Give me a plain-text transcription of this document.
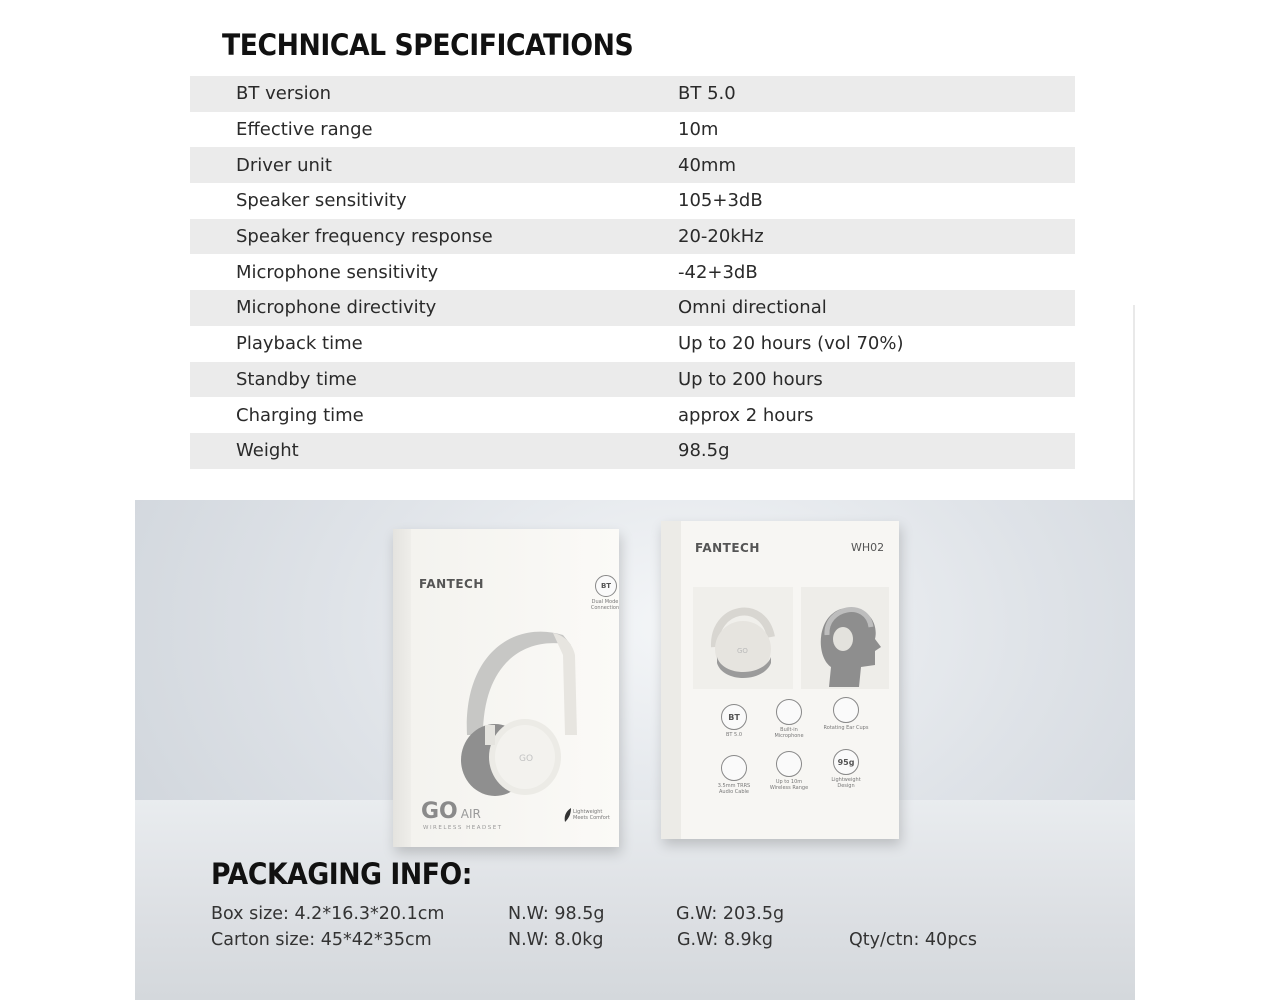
TECHNICAL SPECIFICATIONS
BT version	BT 5.0
Effective range	10m
Driver unit	40mm
Speaker sensitivity	105+3dB
Speaker frequency response	20-20kHz
Microphone sensitivity	-42+3dB
Microphone directivity	Omni directional
Playback time	Up to 20 hours (vol 70%)
Standby time	Up to 200 hours
Charging time	approx 2 hours
Weight	98.5g
FANTECH	BT
Dual Mode Connection
GO
GO AIR
WIRELESS HEADSET
Lightweight Meets Comfort
FANTECH	WH02
GO
BT
BT 5.0
Built-in Microphone
Rotating Ear Cups
3.5mm TRRS Audio Cable
Up to 10m Wireless Range
95g
Lightweight Design
PACKAGING INFO:
Box size: 4.2*16.3*20.1cm	N.W: 98.5g	G.W: 203.5g
Carton size: 45*42*35cm	N.W: 8.0kg	G.W: 8.9kg	Qty/ctn: 40pcs
